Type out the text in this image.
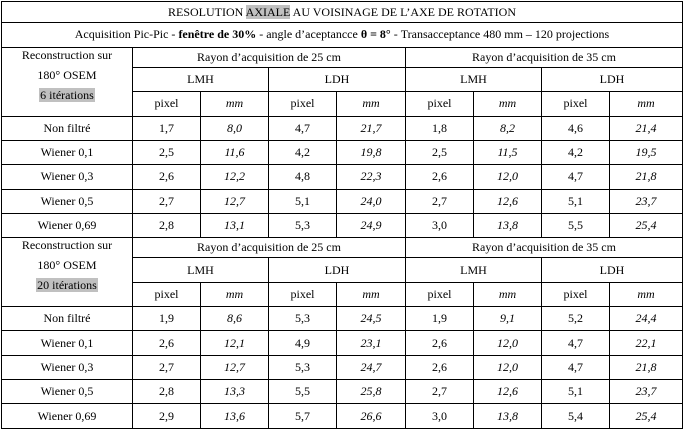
RESOLUTION AXIALE AU VOISINAGE DE L’AXE DE ROTATION								
Acquisition Pic-Pic - fenêtre de 30% - angle d’aceptancce θ = 8° - Transacceptance 480 mm – 120 projections								

Reconstruction sur
180° OSEM
6 itérations	Rayon d’acquisition de 25 cm				Rayon d’acquisition de 35 cm			
	LMH		LDH		LMH		LDH	
	pixel	mm	pixel	mm	pixel	mm	pixel	mm
Non filtré	1,7	8,0	4,7	21,7	1,8	8,2	4,6	21,4
Wiener 0,1	2,5	11,6	4,2	19,8	2,5	11,5	4,2	19,5
Wiener 0,3	2,6	12,2	4,8	22,3	2,6	12,0	4,7	21,8
Wiener 0,5	2,7	12,7	5,1	24,0	2,7	12,6	5,1	23,7
Wiener 0,69	2,8	13,1	5,3	24,9	3,0	13,8	5,5	25,4

Reconstruction sur
180° OSEM
20 itérations	Rayon d’acquisition de 25 cm				Rayon d’acquisition de 35 cm			
	LMH		LDH		LMH		LDH	
	pixel	mm	pixel	mm	pixel	mm	pixel	mm
Non filtré	1,9	8,6	5,3	24,5	1,9	9,1	5,2	24,4
Wiener 0,1	2,6	12,1	4,9	23,1	2,6	12,0	4,7	22,1
Wiener 0,3	2,7	12,7	5,3	24,7	2,6	12,0	4,7	21,8
Wiener 0,5	2,8	13,3	5,5	25,8	2,7	12,6	5,1	23,7
Wiener 0,69	2,9	13,6	5,7	26,6	3,0	13,8	5,4	25,4
